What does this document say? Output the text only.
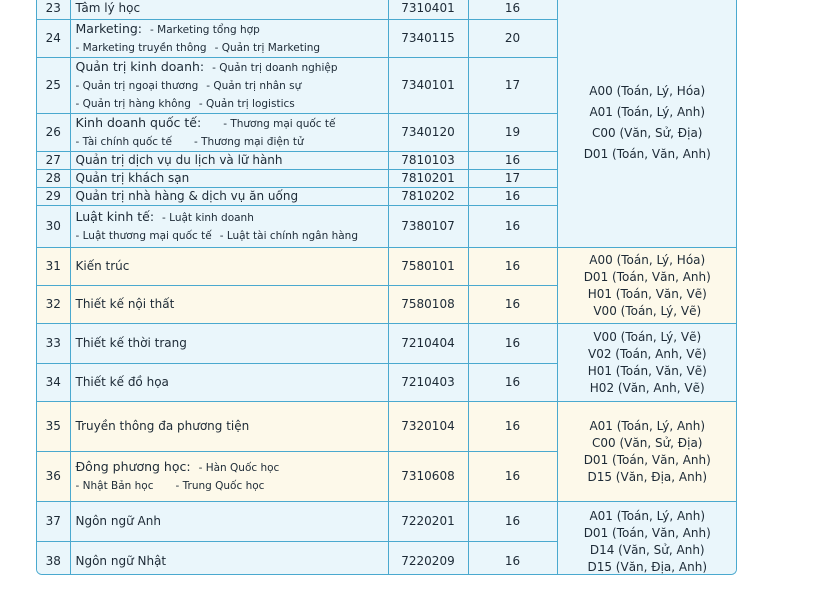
23	Tâm lý học	7310401	16	A00 (Toán, Lý, Hóa)
A01 (Toán, Lý, Anh)
C00 (Văn, Sử, Địa)
D01 (Toán, Văn, Anh)

24	Marketing: - Marketing tổng hợp
- Marketing truyền thông - Quản trị Marketing	7340115	20	
25	Quản trị kinh doanh: - Quản trị doanh nghiệp
- Quản trị ngoại thương - Quản trị nhân sự
- Quản trị hàng không - Quản trị logistics	7340101	17	
26	Kinh doanh quốc tế: - Thương mại quốc tế
- Tài chính quốc tế - Thương mại điện tử	7340120	19	
27	Quản trị dịch vụ du lịch và lữ hành	7810103	16	
28	Quản trị khách sạn	7810201	17	
29	Quản trị nhà hàng & dịch vụ ăn uống	7810202	16	
30	Luật kinh tế: - Luật kinh doanh
- Luật thương mại quốc tế - Luật tài chính ngân hàng	7380107	16	
31	Kiến trúc	7580101	16	A00 (Toán, Lý, Hóa)
D01 (Toán, Văn, Anh)
H01 (Toán, Văn, Vẽ)
V00 (Toán, Lý, Vẽ)

32	Thiết kế nội thất	7580108	16	
33	Thiết kế thời trang	7210404	16	V00 (Toán, Lý, Vẽ)
V02 (Toán, Anh, Vẽ)
H01 (Toán, Văn, Vẽ)
H02 (Văn, Anh, Vẽ)

34	Thiết kế đồ họa	7210403	16	
35	Truyền thông đa phương tiện	7320104	16	A01 (Toán, Lý, Anh)
C00 (Văn, Sử, Địa)
D01 (Toán, Văn, Anh)
D15 (Văn, Địa, Anh)

36	Đông phương học: - Hàn Quốc học
- Nhật Bản học - Trung Quốc học	7310608	16	
37	Ngôn ngữ Anh	7220201	16	A01 (Toán, Lý, Anh)
D01 (Toán, Văn, Anh)
D14 (Văn, Sử, Anh)
D15 (Văn, Địa, Anh)

38	Ngôn ngữ Nhật	7220209	16	
